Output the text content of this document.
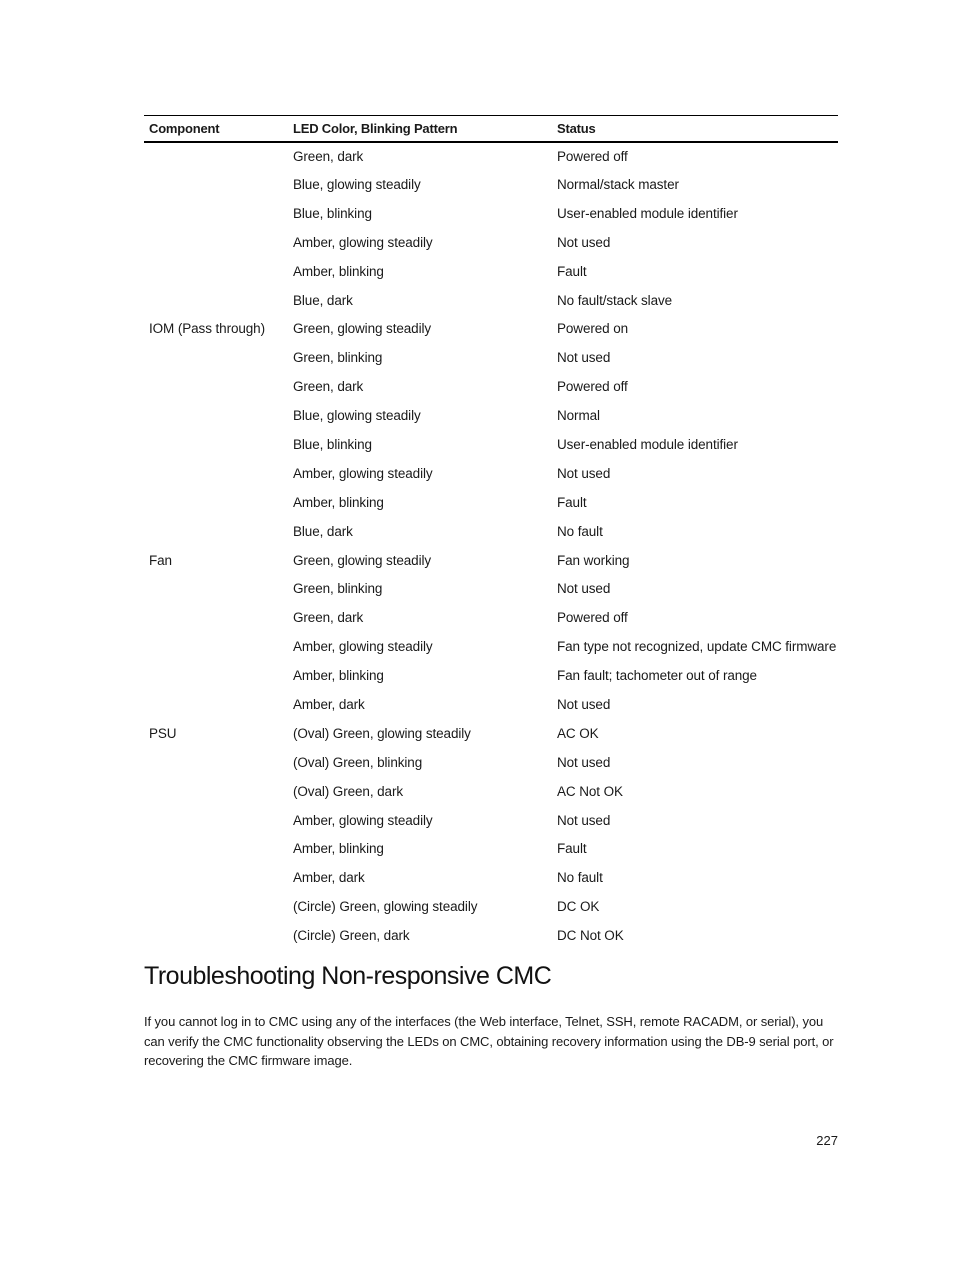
Component	LED Color, Blinking Pattern	Status
	Green, dark	Powered off
	Blue, glowing steadily	Normal/stack master
	Blue, blinking	User-enabled module identifier
	Amber, glowing steadily	Not used
	Amber, blinking	Fault
	Blue, dark	No fault/stack slave
IOM (Pass through)	Green, glowing steadily	Powered on
	Green, blinking	Not used
	Green, dark	Powered off
	Blue, glowing steadily	Normal
	Blue, blinking	User-enabled module identifier
	Amber, glowing steadily	Not used
	Amber, blinking	Fault
	Blue, dark	No fault
Fan	Green, glowing steadily	Fan working
	Green, blinking	Not used
	Green, dark	Powered off
	Amber, glowing steadily	Fan type not recognized, update CMC firmware
	Amber, blinking	Fan fault; tachometer out of range
	Amber, dark	Not used
PSU	(Oval) Green, glowing steadily	AC OK
	(Oval) Green, blinking	Not used
	(Oval) Green, dark	AC Not OK
	Amber, glowing steadily	Not used
	Amber, blinking	Fault
	Amber, dark	No fault
	(Circle) Green, glowing steadily	DC OK
	(Circle) Green, dark	DC Not OK
Troubleshooting Non-responsive CMC

If you cannot log in to CMC using any of the interfaces (the Web interface, Telnet, SSH, remote RACADM, or serial), you can verify the CMC functionality observing the LEDs on CMC, obtaining recovery information using the DB-9 serial port, or recovering the CMC firmware image.

227
